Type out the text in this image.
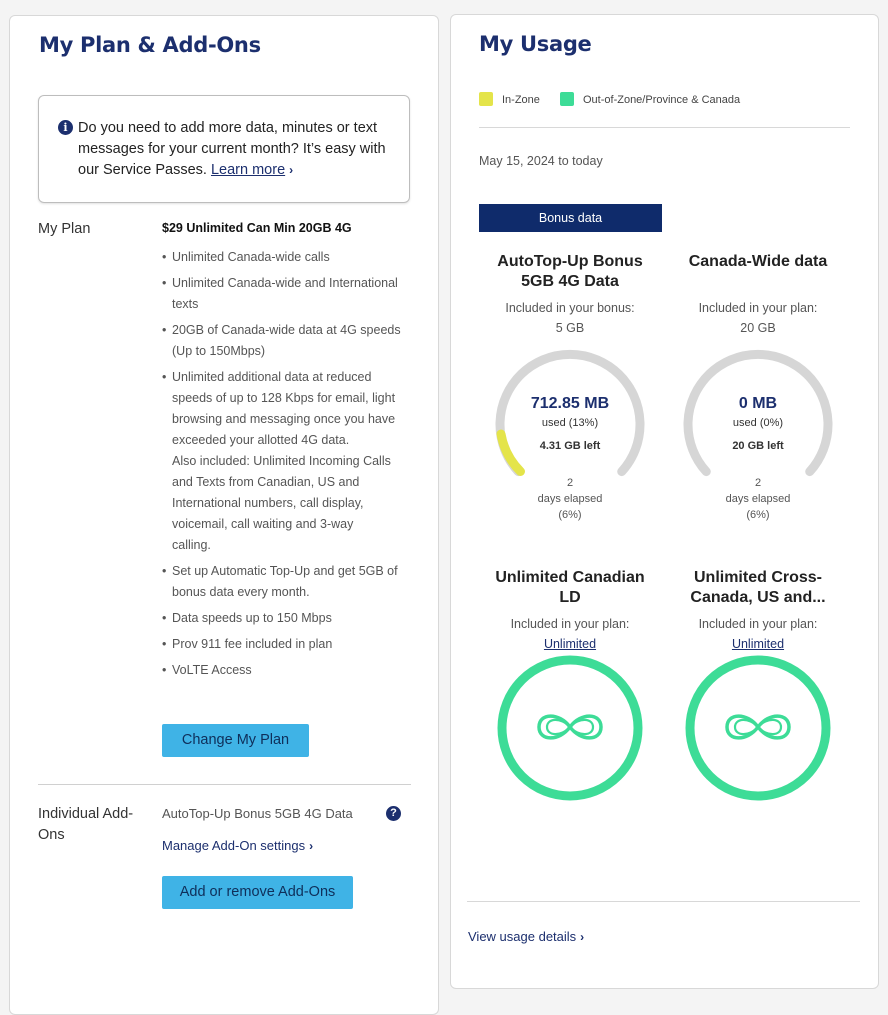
My Plan & Add-Ons
i Do you need to add more data, minutes or text messages for your current month? It’s easy with our Service Passes. Learn more ›
My Plan	$29 Unlimited Can Min 20GB 4G
• Unlimited Canada-wide calls
• Unlimited Canada-wide and International texts
• 20GB of Canada-wide data at 4G speeds (Up to 150Mbps)
• Unlimited additional data at reduced speeds of up to 128 Kbps for email, light browsing and messaging once you have exceeded your allotted 4G data.
Also included: Unlimited Incoming Calls and Texts from Canadian, US and International numbers, call display, voicemail, call waiting and 3-way calling.
• Set up Automatic Top-Up and get 5GB of bonus data every month.
• Data speeds up to 150 Mbps
• Prov 911 fee included in plan
• VoLTE Access
Change My Plan
Individual Add-Ons
AutoTop-Up Bonus 5GB 4G Data	?
Manage Add-On settings ›
Add or remove Add-Ons
My Usage
In-Zone	Out-of-Zone/Province & Canada
May 15, 2024 to today
Bonus data
AutoTop-Up Bonus 5GB 4G Data
Included in your bonus:
5 GB
712.85 MB
used (13%)
4.31 GB left
2
days elapsed
(6%)
Canada-Wide data
Included in your plan:
20 GB
0 MB
used (0%)
20 GB left
2
days elapsed
(6%)
Unlimited Canadian LD
Included in your plan:
Unlimited
Unlimited Cross-Canada, US and...
Included in your plan:
Unlimited
View usage details ›
